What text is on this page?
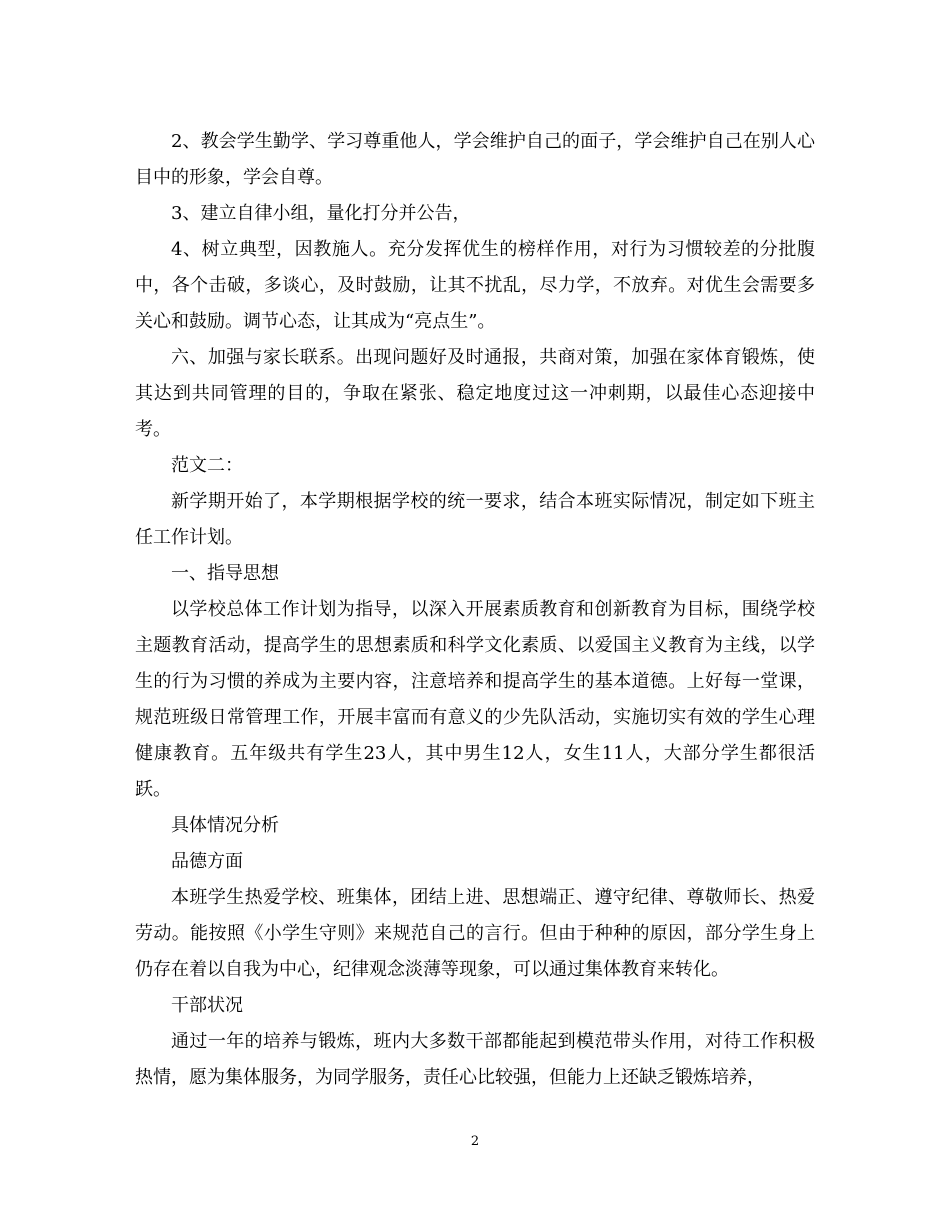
2、教会学生勤学、学习尊重他人，学会维护自己的面子，学会维护自己在别人心目中的形象，学会自尊。

3、建立自律小组，量化打分并公告，

4、树立典型，因教施人。充分发挥优生的榜样作用，对行为习惯较差的分批腹中，各个击破，多谈心，及时鼓励，让其不扰乱，尽力学，不放弃。对优生会需要多关心和鼓励。调节心态，让其成为“亮点生”。

六、加强与家长联系。出现问题好及时通报，共商对策，加强在家体育锻炼，使其达到共同管理的目的，争取在紧张、稳定地度过这一冲刺期，以最佳心态迎接中考。

范文二：

新学期开始了，本学期根据学校的统一要求，结合本班实际情况，制定如下班主任工作计划。

一、指导思想

以学校总体工作计划为指导，以深入开展素质教育和创新教育为目标，围绕学校主题教育活动，提高学生的思想素质和科学文化素质、以爱国主义教育为主线，以学生的行为习惯的养成为主要内容，注意培养和提高学生的基本道德。上好每一堂课，规范班级日常管理工作，开展丰富而有意义的少先队活动，实施切实有效的学生心理健康教育。五年级共有学生23人，其中男生12人，女生11人，大部分学生都很活跃。

具体情况分析

品德方面

本班学生热爱学校、班集体，团结上进、思想端正、遵守纪律、尊敬师长、热爱劳动。能按照《小学生守则》来规范自己的言行。但由于种种的原因，部分学生身上仍存在着以自我为中心，纪律观念淡薄等现象，可以通过集体教育来转化。

干部状况

通过一年的培养与锻炼，班内大多数干部都能起到模范带头作用，对待工作积极热情，愿为集体服务，为同学服务，责任心比较强，但能力上还缺乏锻炼培养，

2
